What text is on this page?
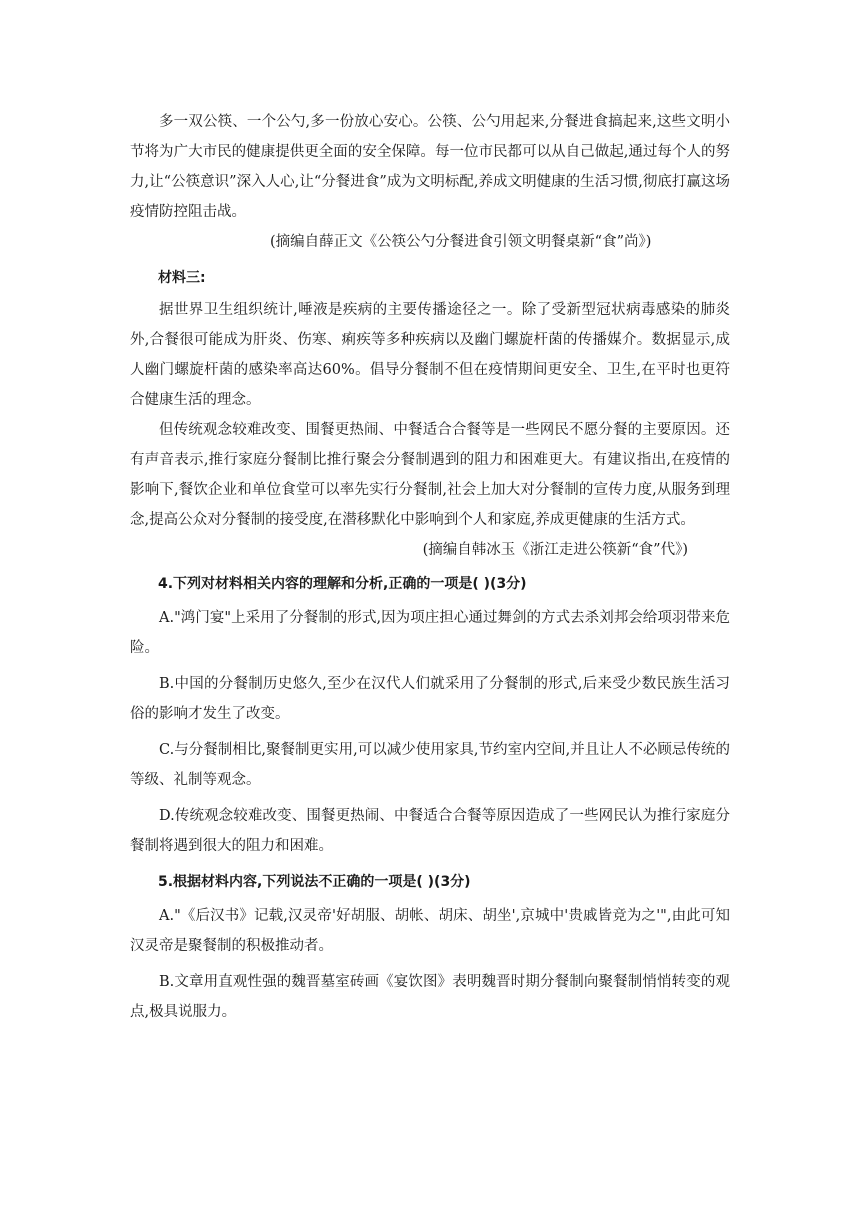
多一双公筷、一个公勺,多一份放心安心。公筷、公勺用起来,分餐进食搞起来,这些文明小节将为广大市民的健康提供更全面的安全保障。每一位市民都可以从自己做起,通过每个人的努力,让“公筷意识”深入人心,让“分餐进食”成为文明标配,养成文明健康的生活习惯,彻底打赢这场疫情防控阻击战。

(摘编自薛正文《公筷公勺分餐进食引领文明餐桌新“食”尚》)

材料三:

据世界卫生组织统计,唾液是疾病的主要传播途径之一。除了受新型冠状病毒感染的肺炎外,合餐很可能成为肝炎、伤寒、痢疾等多种疾病以及幽门螺旋杆菌的传播媒介。数据显示,成人幽门螺旋杆菌的感染率高达60%。倡导分餐制不但在疫情期间更安全、卫生,在平时也更符合健康生活的理念。

但传统观念较难改变、围餐更热闹、中餐适合合餐等是一些网民不愿分餐的主要原因。还有声音表示,推行家庭分餐制比推行聚会分餐制遇到的阻力和困难更大。有建议指出,在疫情的影响下,餐饮企业和单位食堂可以率先实行分餐制,社会上加大对分餐制的宣传力度,从服务到理念,提高公众对分餐制的接受度,在潜移默化中影响到个人和家庭,养成更健康的生活方式。

(摘编自韩冰玉《浙江走进公筷新“食”代》)

4.下列对材料相关内容的理解和分析,正确的一项是( )(3分)

A."鸿门宴"上采用了分餐制的形式,因为项庄担心通过舞剑的方式去杀刘邦会给项羽带来危险。

B.中国的分餐制历史悠久,至少在汉代人们就采用了分餐制的形式,后来受少数民族生活习俗的影响才发生了改变。

C.与分餐制相比,聚餐制更实用,可以减少使用家具,节约室内空间,并且让人不必顾忌传统的等级、礼制等观念。

D.传统观念较难改变、围餐更热闹、中餐适合合餐等原因造成了一些网民认为推行家庭分餐制将遇到很大的阻力和困难。

5.根据材料内容,下列说法不正确的一项是( )(3分)

A."《后汉书》记载,汉灵帝'好胡服、胡帐、胡床、胡坐',京城中'贵戚皆竞为之'",由此可知汉灵帝是聚餐制的积极推动者。

B.文章用直观性强的魏晋墓室砖画《宴饮图》表明魏晋时期分餐制向聚餐制悄悄转变的观点,极具说服力。
